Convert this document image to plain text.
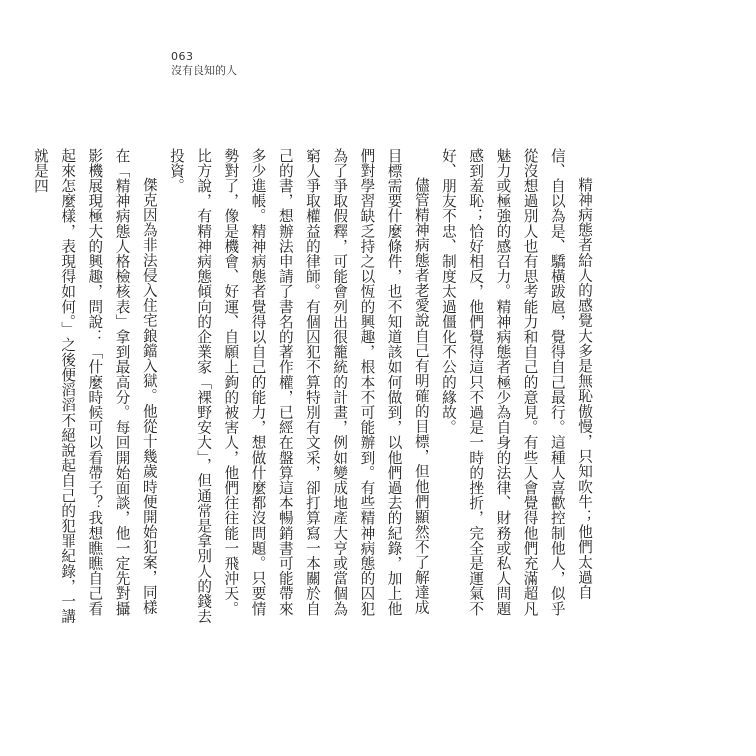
063
沒有良知的人

精神病態者給人的感覺大多是無恥傲慢，只知吹牛；他們太過自信、自以為是、驕橫跋扈，覺得自己最行。這種人喜歡控制他人，似乎從沒想過別人也有思考能力和自己的意見。有些人會覺得他們充滿超凡魅力或極強的感召力。精神病態者極少為自身的法律、財務或私人問題感到羞恥；恰好相反，他們覺得這只不過是一時的挫折，完全是運氣不好、朋友不忠、制度太過僵化不公的緣故。

儘管精神病態者老愛說自己有明確的目標，但他們顯然不了解達成目標需要什麼條件，也不知道該如何做到，以他們過去的紀錄，加上他們對學習缺乏持之以恆的興趣，根本不可能辦到。有些精神病態的囚犯為了爭取假釋，可能會列出很籠統的計畫，例如變成地產大亨或當個為窮人爭取權益的律師。有個囚犯不算特別有文采，卻打算寫一本關於自己的書，想辦法申請了書名的著作權，已經在盤算這本暢銷書可能帶來多少進帳。精神病態者覺得以自己的能力，想做什麼都沒問題。只要情勢對了，像是機會、好運、自願上鉤的被害人，他們往往能一飛沖天。比方說，有精神病態傾向的企業家「裸野安大」，但通常是拿別人的錢去投資。

傑克因為非法侵入住宅鋃鐺入獄。他從十幾歲時便開始犯案，同樣在「精神病態人格檢核表」拿到最高分。每回開始面談，他一定先對攝影機展現極大的興趣，問說：「什麼時候可以看帶子？我想瞧瞧自己看起來怎麼樣，表現得如何。」之後便滔滔不絕說起自己的犯罪紀錄，一講就是四
